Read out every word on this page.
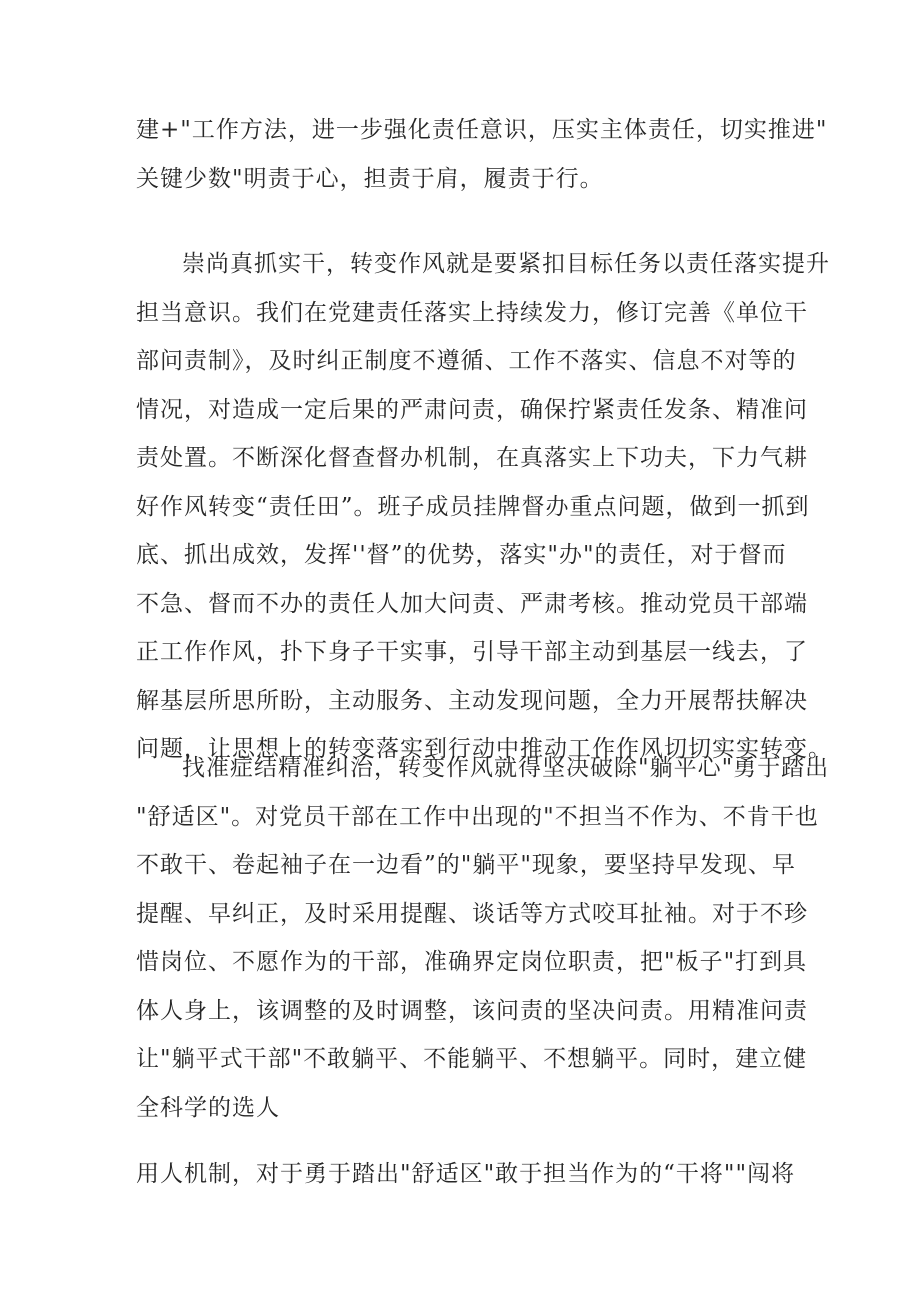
建+"工作方法，进一步强化责任意识，压实主体责任，切实推进"
关键少数"明责于心，担责于肩，履责于行。

崇尚真抓实干，转变作风就是要紧扣目标任务以责任落实提升
担当意识。我们在党建责任落实上持续发力，修订完善《单位干
部问责制》，及时纠正制度不遵循、工作不落实、信息不对等的
情况，对造成一定后果的严肃问责，确保拧紧责任发条、精准问
责处置。不断深化督查督办机制，在真落实上下功夫，下力气耕
好作风转变“责任田”。班子成员挂牌督办重点问题，做到一抓到
底、抓出成效，发挥''督”的优势，落实"办"的责任，对于督而
不急、督而不办的责任人加大问责、严肃考核。推动党员干部端
正工作作风，扑下身子干实事，引导干部主动到基层一线去，了
解基层所思所盼，主动服务、主动发现问题，全力开展帮扶解决
问题，让思想上的转变落实到行动中推动工作作风切切实实转变。

找准症结精准纠治，转变作风就得坚决破除"躺平心"勇于踏出
"舒适区"。对党员干部在工作中出现的"不担当不作为、不肯干也
不敢干、卷起袖子在一边看”的"躺平"现象，要坚持早发现、早
提醒、早纠正，及时采用提醒、谈话等方式咬耳扯袖。对于不珍
惜岗位、不愿作为的干部，准确界定岗位职责，把"板子"打到具
体人身上，该调整的及时调整，该问责的坚决问责。用精准问责
让"躺平式干部"不敢躺平、不能躺平、不想躺平。同时，建立健
全科学的选人

用人机制，对于勇于踏出"舒适区"敢于担当作为的“干将""闯将
